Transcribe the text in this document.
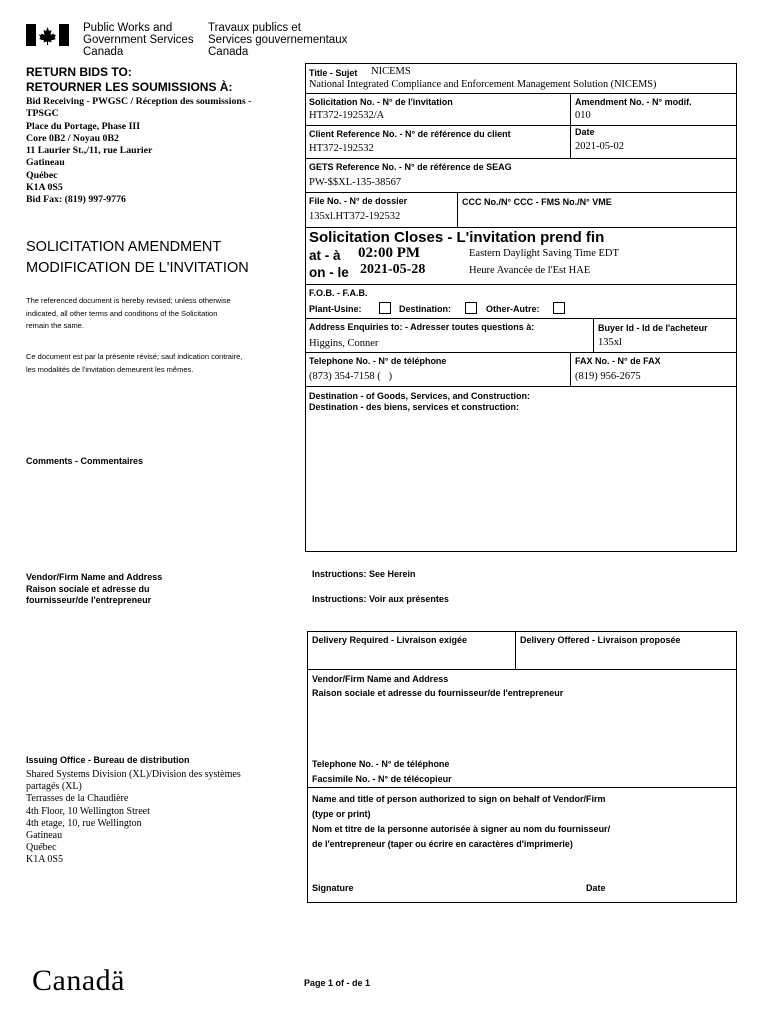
Public Works and
Government Services
Canada
Travaux publics et
Services gouvernementaux
Canada
RETURN BIDS TO:
RETOURNER LES SOUMISSIONS À:
Bid Receiving - PWGSC / Réception des soumissions -
TPSGC
Place du Portage, Phase III
Core 0B2 / Noyau 0B2
11 Laurier St.,/11, rue Laurier
Gatineau
Québec
K1A 0S5
Bid Fax: (819) 997-9776
SOLICITATION AMENDMENT
MODIFICATION DE L'INVITATION
The referenced document is hereby revised; unless otherwise
indicated, all other terms and conditions of the Solicitation
remain the same.
Ce document est par la présente révisé; sauf indication contraire,
les modalités de l'invitation demeurent les mêmes.
Comments - Commentaires
Vendor/Firm Name and Address
Raison sociale et adresse du
fournisseur/de l'entrepreneur
Issuing Office - Bureau de distribution
Shared Systems Division (XL)/Division des systèmes
partagés (XL)
Terrasses de la Chaudière
4th Floor, 10 Wellington Street
4th etage, 10, rue Wellington
Gatineau
Québec
K1A 0S5
Title - Sujet NICEMS
National Integrated Compliance and Enforcement Management Solution (NICEMS)
Solicitation No. - N° de l'invitation
HT372-192532/A
Amendment No. - N° modif.
010
Client Reference No. - N° de référence du client
HT372-192532
Date
2021-05-02
GETS Reference No. - N° de référence de SEAG
PW-$$XL-135-38567
File No. - N° de dossier
135xl.HT372-192532
CCC No./N° CCC - FMS No./N° VME
Solicitation Closes - L'invitation prend fin
at - à 02:00 PM	Eastern Daylight Saving Time EDT
on - le 2021-05-28	Heure Avancée de l'Est HAE
F.O.B. - F.A.B.
Plant-Usine:	Destination:	Other-Autre:
Address Enquiries to: - Adresser toutes questions à:
Higgins, Conner
Buyer Id - Id de l'acheteur
135xl
Telephone No. - N° de téléphone
(873) 354-7158 (   )
FAX No. - N° de FAX
(819) 956-2675
Destination - of Goods, Services, and Construction:
Destination - des biens, services et construction:
Instructions: See Herein
Instructions: Voir aux présentes
Delivery Required - Livraison exigée	Delivery Offered - Livraison proposée
Vendor/Firm Name and Address
Raison sociale et adresse du fournisseur/de l'entrepreneur
Telephone No. - N° de téléphone
Facsimile No. - N° de télécopieur
Name and title of person authorized to sign on behalf of Vendor/Firm
(type or print)
Nom et titre de la personne autorisée à signer au nom du fournisseur/
de l'entrepreneur (taper ou écrire en caractères d'imprimerie)
Signature	Date
Canadä	Page 1 of - de 1
